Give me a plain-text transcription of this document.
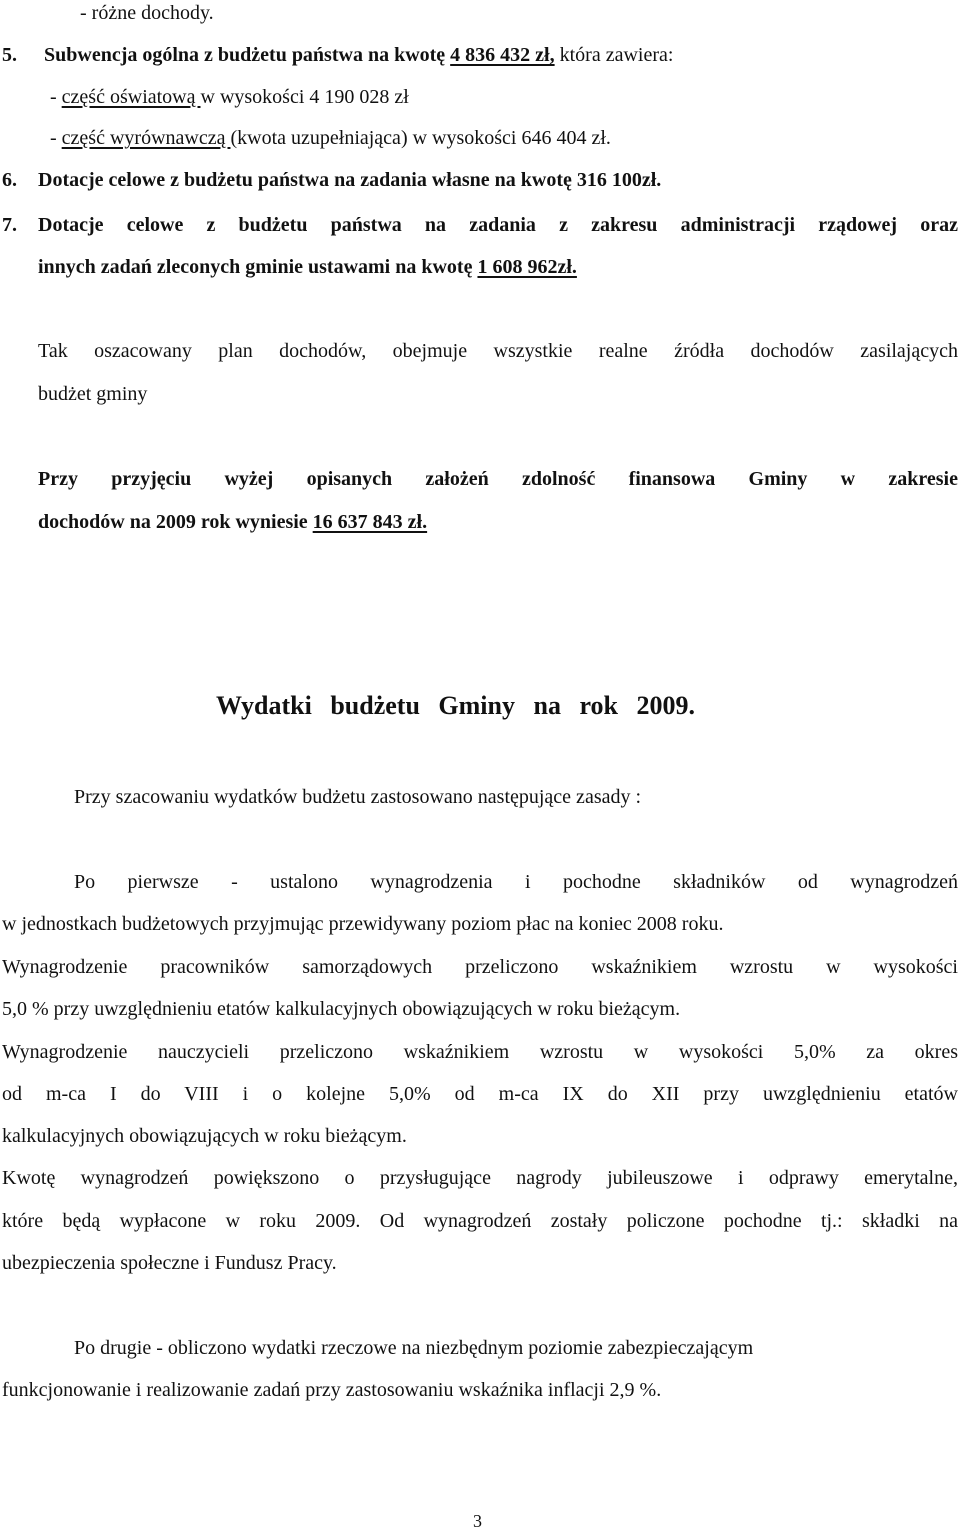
- różne dochody.
5. Subwencja ogólna z budżetu państwa na kwotę 4 836 432 zł, która zawiera:
- część oświatową w wysokości 4 190 028 zł
- część wyrównawczą (kwota uzupełniająca) w wysokości 646 404 zł.
6. Dotacje celowe z budżetu państwa na zadania własne na kwotę 316 100zł.
7. Dotacje celowe z budżetu państwa na zadania z zakresu administracji rządowej oraz
innych zadań zleconych gminie ustawami na kwotę 1 608 962zł.
Tak oszacowany plan dochodów, obejmuje wszystkie realne źródła dochodów zasilających
budżet gminy
Przy przyjęciu wyżej opisanych założeń zdolność finansowa Gminy w zakresie
dochodów na 2009 rok wyniesie 16 637 843 zł.
Wydatki budżetu Gminy na rok 2009.
Przy szacowaniu wydatków budżetu zastosowano następujące zasady :
Po pierwsze - ustalono wynagrodzenia i pochodne składników od wynagrodzeń
w jednostkach budżetowych przyjmując przewidywany poziom płac na koniec 2008 roku.
Wynagrodzenie pracowników samorządowych przeliczono wskaźnikiem wzrostu w wysokości
5,0 % przy uwzględnieniu etatów kalkulacyjnych obowiązujących w roku bieżącym.
Wynagrodzenie nauczycieli przeliczono wskaźnikiem wzrostu w wysokości 5,0% za okres
od m-ca I do VIII i o kolejne 5,0% od m-ca IX do XII przy uwzględnieniu etatów
kalkulacyjnych obowiązujących w roku bieżącym.
Kwotę wynagrodzeń powiększono o przysługujące nagrody jubileuszowe i odprawy emerytalne,
które będą wypłacone w roku 2009. Od wynagrodzeń zostały policzone pochodne tj.: składki na
ubezpieczenia społeczne i Fundusz Pracy.
Po drugie - obliczono wydatki rzeczowe na niezbędnym poziomie zabezpieczającym
funkcjonowanie i realizowanie zadań przy zastosowaniu wskaźnika inflacji 2,9 %.
3
